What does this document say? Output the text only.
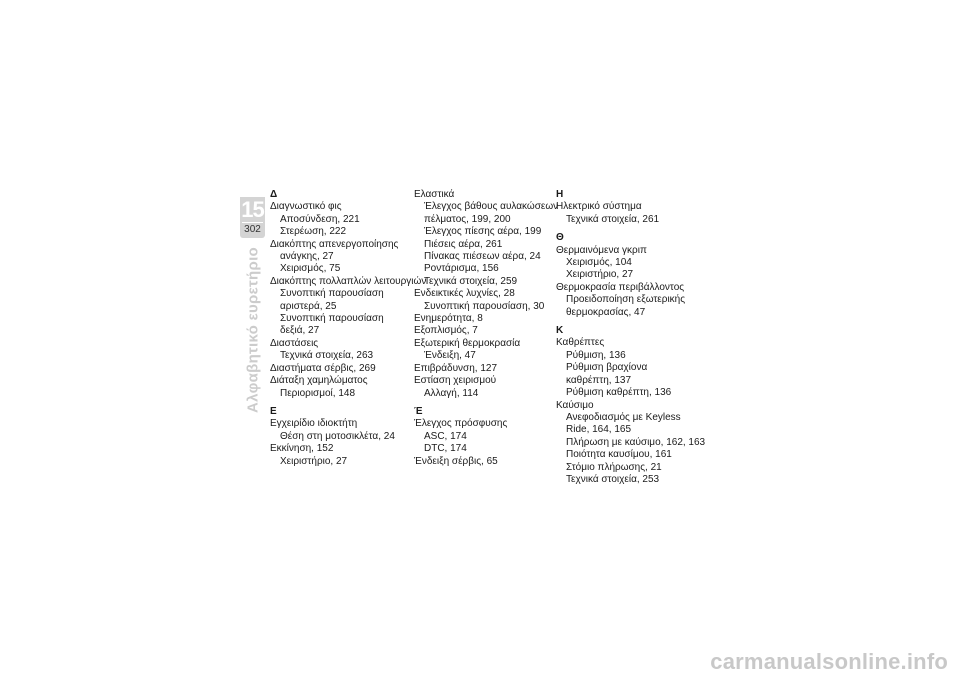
15
302
Αλφαβητικό ευρετήριο
Δ
Διαγνωστικό φις
Αποσύνδεση, 221
Στερέωση, 222
Διακόπτης απενεργοποίησης
ανάγκης, 27
Χειρισμός, 75
Διακόπτης πολλαπλών λειτουργιών
Συνοπτική παρουσίαση
αριστερά, 25
Συνοπτική παρουσίαση
δεξιά, 27
Διαστάσεις
Τεχνικά στοιχεία, 263
Διαστήματα σέρβις, 269
Διάταξη χαμηλώματος
Περιορισμοί, 148
Ε
Εγχειρίδιο ιδιοκτήτη
Θέση στη μοτοσικλέτα, 24
Εκκίνηση, 152
Χειριστήριο, 27
Ελαστικά
Έλεγχος βάθους αυλακώσεων
πέλματος, 199, 200
Έλεγχος πίεσης αέρα, 199
Πιέσεις αέρα, 261
Πίνακας πιέσεων αέρα, 24
Ροντάρισμα, 156
Τεχνικά στοιχεία, 259
Ενδεικτικές λυχνίες, 28
Συνοπτική παρουσίαση, 30
Ενημερότητα, 8
Εξοπλισμός, 7
Εξωτερική θερμοκρασία
Ένδειξη, 47
Επιβράδυνση, 127
Εστίαση χειρισμού
Αλλαγή, 114
Έ
Έλεγχος πρόσφυσης
ASC, 174
DTC, 174
Ένδειξη σέρβις, 65
Η
Ηλεκτρικό σύστημα
Τεχνικά στοιχεία, 261
Θ
Θερμαινόμενα γκριπ
Χειρισμός, 104
Χειριστήριο, 27
Θερμοκρασία περιβάλλοντος
Προειδοποίηση εξωτερικής
θερμοκρασίας, 47
Κ
Καθρέπτες
Ρύθμιση, 136
Ρύθμιση βραχίονα
καθρέπτη, 137
Ρύθμιση καθρέπτη, 136
Καύσιμο
Ανεφοδιασμός με Keyless
Ride, 164, 165
Πλήρωση με καύσιμο, 162, 163
Ποιότητα καυσίμου, 161
Στόμιο πλήρωσης, 21
Τεχνικά στοιχεία, 253
carmanualsonline.info
